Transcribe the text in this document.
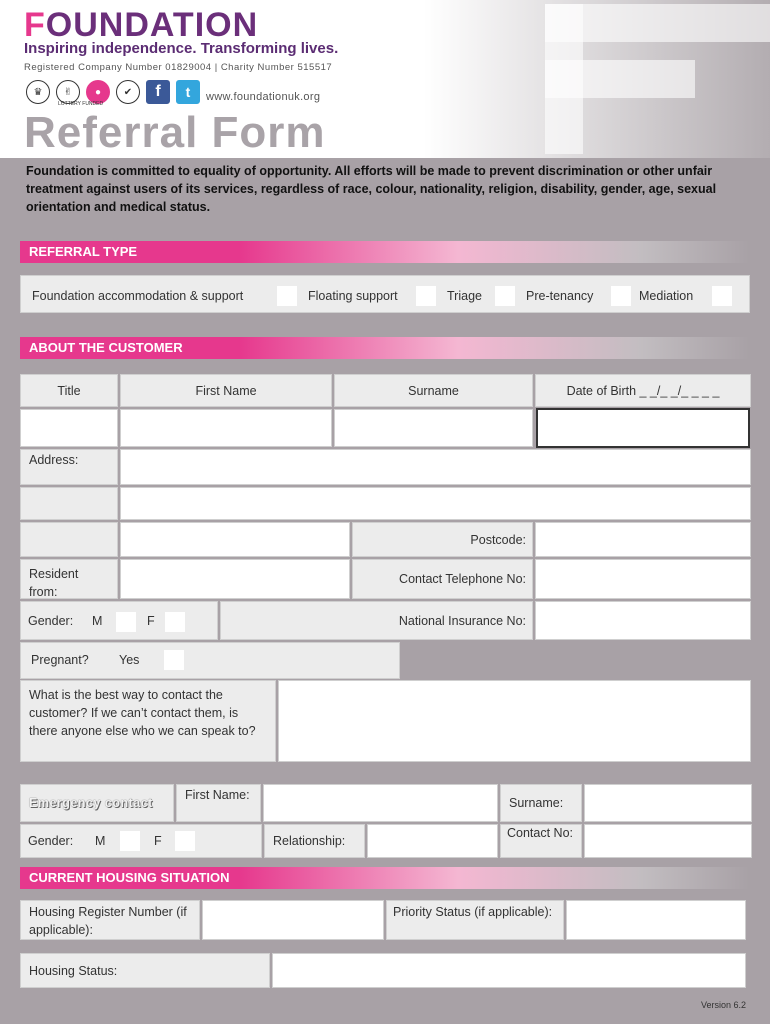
FOUNDATION
Inspiring independence. Transforming lives.
Registered Company Number 01829004 | Charity Number 515517
♛	✌	●	✔	f	t
LOTTERY FUNDED
www.foundationuk.org
Referral Form
Foundation is committed to equality of opportunity. All efforts will be made to prevent discrimination or other unfair treatment against users of its services, regardless of race, colour, nationality, religion, disability, gender, age, sexual orientation and medical status.
REFERRAL TYPE
Foundation accommodation & support	Floating support	Triage	Pre-tenancy	Mediation
ABOUT THE CUSTOMER
Title	First Name	Surname	Date of Birth _ _/_ _/_ _ _ _
Address:
Postcode:
Resident from:
Contact Telephone No:
Gender: M	F	National Insurance No:
Pregnant? Yes
What is the best way to contact the customer? If we can’t contact them, is there anyone else who we can speak to?
Emergency contact
First Name:
Surname:
Gender: M	F	Relationship:
Contact No:
CURRENT HOUSING SITUATION
Housing Register Number (if applicable):
Priority Status (if applicable):
Housing Status:
Version 6.2
